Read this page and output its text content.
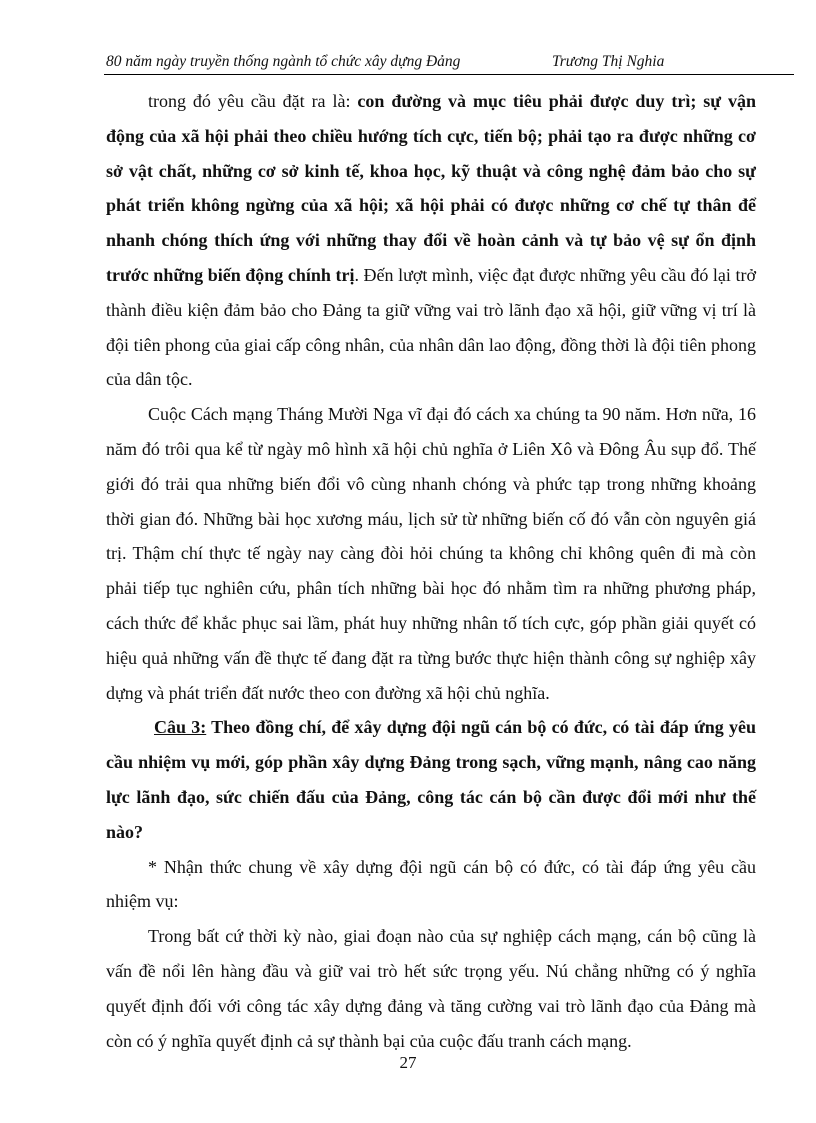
80 năm ngày truyền thống ngành tổ chức xây dựng Đảng	Trương Thị Nghia

trong đó yêu cầu đặt ra là: con đường và mục tiêu phải được duy trì; sự vận động của xã hội phải theo chiều hướng tích cực, tiến bộ; phải tạo ra được những cơ sở vật chất, những cơ sở kinh tế, khoa học, kỹ thuật và công nghệ đảm bảo cho sự phát triển không ngừng của xã hội; xã hội phải có được những cơ chế tự thân để nhanh chóng thích ứng với những thay đổi về hoàn cảnh và tự bảo vệ sự ổn định trước những biến động chính trị. Đến lượt mình, việc đạt được những yêu cầu đó lại trở thành điều kiện đảm bảo cho Đảng ta giữ vững vai trò lãnh đạo xã hội, giữ vững vị trí là đội tiên phong của giai cấp công nhân, của nhân dân lao động, đồng thời là đội tiên phong của dân tộc.

Cuộc Cách mạng Tháng Mười Nga vĩ đại đó cách xa chúng ta 90 năm. Hơn nữa, 16 năm đó trôi qua kể từ ngày mô hình xã hội chủ nghĩa ở Liên Xô và Đông Âu sụp đổ. Thế giới đó trải qua những biến đổi vô cùng nhanh chóng và phức tạp trong những khoảng thời gian đó. Những bài học xương máu, lịch sử từ những biến cố đó vẫn còn nguyên giá trị. Thậm chí thực tế ngày nay càng đòi hỏi chúng ta không chỉ không quên đi mà còn phải tiếp tục nghiên cứu, phân tích những bài học đó nhằm tìm ra những phương pháp, cách thức để khắc phục sai lầm, phát huy những nhân tố tích cực, góp phần giải quyết có hiệu quả những vấn đề thực tế đang đặt ra từng bước thực hiện thành công sự nghiệp xây dựng và phát triển đất nước theo con đường xã hội chủ nghĩa.

Câu 3: Theo đồng chí, để xây dựng đội ngũ cán bộ có đức, có tài đáp ứng yêu cầu nhiệm vụ mới, góp phần xây dựng Đảng trong sạch, vững mạnh, nâng cao năng lực lãnh đạo, sức chiến đấu của Đảng, công tác cán bộ cần được đổi mới như thế nào?

* Nhận thức chung về xây dựng đội ngũ cán bộ có đức, có tài đáp ứng yêu cầu nhiệm vụ:

Trong bất cứ thời kỳ nào, giai đoạn nào của sự nghiệp cách mạng, cán bộ cũng là vấn đề nổi lên hàng đầu và giữ vai trò hết sức trọng yếu. Nú chẳng những có ý nghĩa quyết định đối với công tác xây dựng đảng và tăng cường vai trò lãnh đạo của Đảng mà còn có ý nghĩa quyết định cả sự thành bại của cuộc đấu tranh cách mạng.

27
